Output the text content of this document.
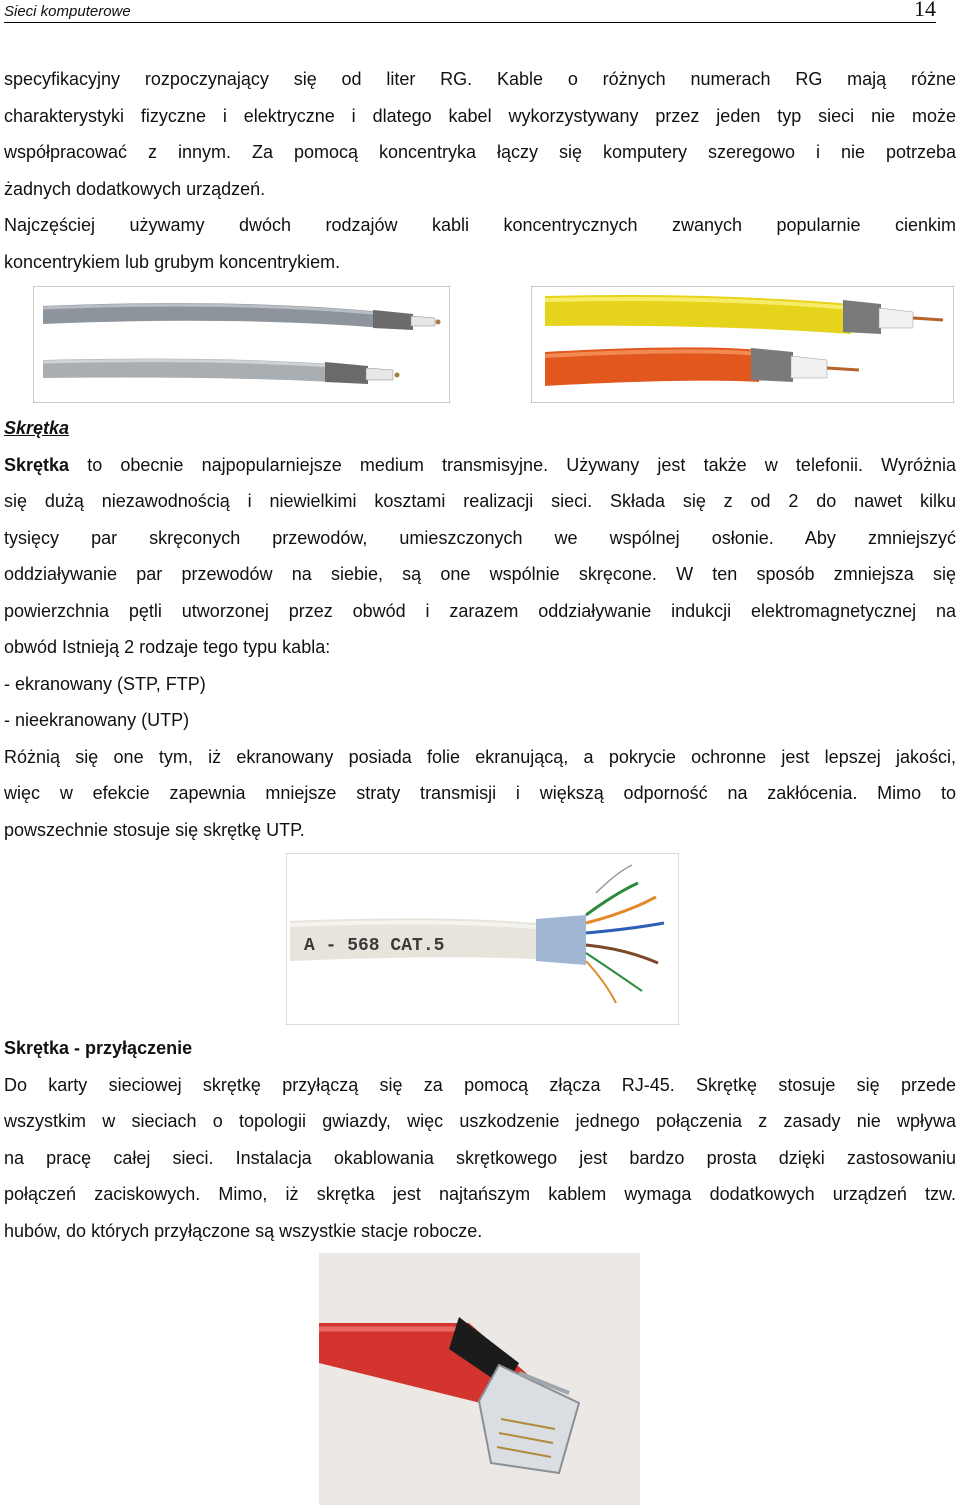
Sieci komputerowe	14

specyfikacyjny rozpoczynający się od liter RG. Kable o różnych numerach RG mają różne

charakterystyki fizyczne i elektryczne i dlatego kabel wykorzystywany przez jeden typ sieci nie może

współpracować z innym. Za pomocą koncentryka łączy się komputery szeregowo i nie potrzeba

żadnych dodatkowych urządzeń.

Najczęściej używamy dwóch rodzajów kabli koncentrycznych zwanych popularnie cienkim

koncentrykiem lub grubym koncentrykiem.

Skrętka

Skrętka to obecnie najpopularniejsze medium transmisyjne. Używany jest także w telefonii. Wyróżnia

się dużą niezawodnością i niewielkimi kosztami realizacji sieci. Składa się z od 2 do nawet kilku

tysięcy par skręconych przewodów, umieszczonych we wspólnej osłonie. Aby zmniejszyć

oddziaływanie par przewodów na siebie, są one wspólnie skręcone. W ten sposób zmniejsza się

powierzchnia pętli utworzonej przez obwód i zarazem oddziaływanie indukcji elektromagnetycznej na

obwód Istnieją 2 rodzaje tego typu kabla:

- ekranowany (STP, FTP)

- nieekranowany (UTP)

Różnią się one tym, iż ekranowany posiada folie ekranującą, a pokrycie ochronne jest lepszej jakości,

więc w efekcie zapewnia mniejsze straty transmisji i większą odporność na zakłócenia. Mimo to

powszechnie stosuje się skrętkę UTP.

A - 568 CAT.5

Skrętka - przyłączenie

Do karty sieciowej skrętkę przyłączą się za pomocą złącza RJ-45. Skrętkę stosuje się przede

wszystkim w sieciach o topologii gwiazdy, więc uszkodzenie jednego połączenia z zasady nie wpływa

na pracę całej sieci. Instalacja okablowania skrętkowego jest bardzo prosta dzięki zastosowaniu

połączeń zaciskowych. Mimo, iż skrętka jest najtańszym kablem wymaga dodatkowych urządzeń tzw.

hubów, do których przyłączone są wszystkie stacje robocze.
